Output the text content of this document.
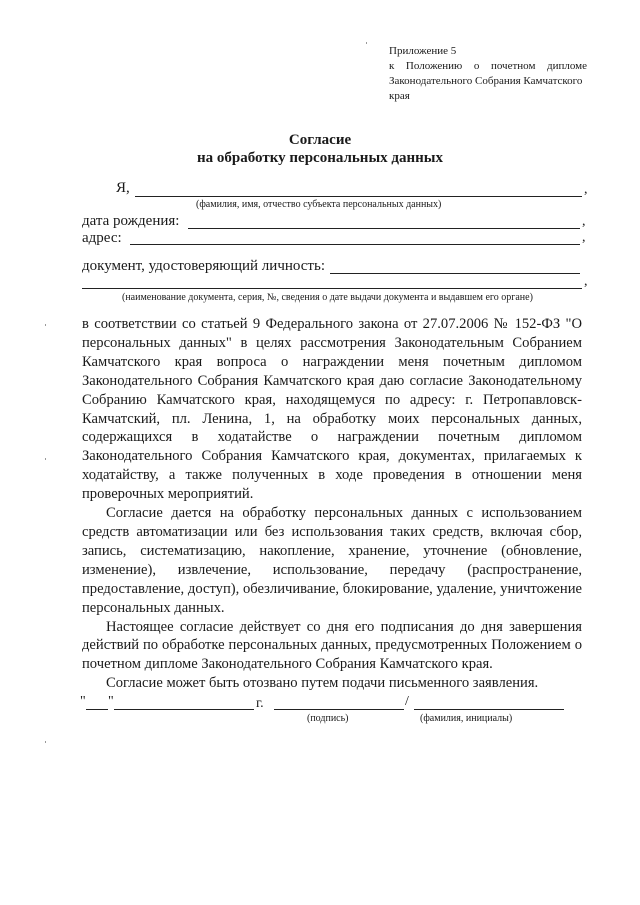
Приложение 5
к Положению о почетном дипломе
Законодательного Собрания Камчатского
края
Согласие
на обработку персональных данных
Я,	,
(фамилия, имя, отчество субъекта персональных данных)
дата рождения:	,
адрес:	,
документ, удостоверяющий личность:
,
(наименование документа, серия, №, сведения о дате выдачи документа и выдавшем его органе)

в соответствии со статьей 9 Федерального закона от 27.07.2006 № 152-ФЗ "О персональных данных" в целях рассмотрения Законодательным Собранием Камчатского края вопроса о награждении меня почетным дипломом Законодательного Собрания Камчатского края даю согласие Законодательному Собранию Камчатского края, находящемуся по адресу: г. Петропавловск-Камчатский, пл. Ленина, 1, на обработку моих персональных данных, содержащихся в ходатайстве о награждении почетным дипломом Законодательного Собрания Камчатского края, документах, прилагаемых к ходатайству, а также полученных в ходе проведения в отношении меня проверочных мероприятий.

Согласие дается на обработку персональных данных с использованием средств автоматизации или без использования таких средств, включая сбор, запись, систематизацию, накопление, хранение, уточнение (обновление, изменение), извлечение, использование, передачу (распространение, предоставление, доступ), обезличивание, блокирование, удаление, уничтожение персональных данных.

Настоящее согласие действует со дня его подписания до дня завершения действий по обработке персональных данных, предусмотренных Положением о почетном дипломе Законодательного Собрания Камчатского края.

Согласие может быть отозвано путем подачи письменного заявления.

" "	г.	/
(подпись)	(фамилия, инициалы)
